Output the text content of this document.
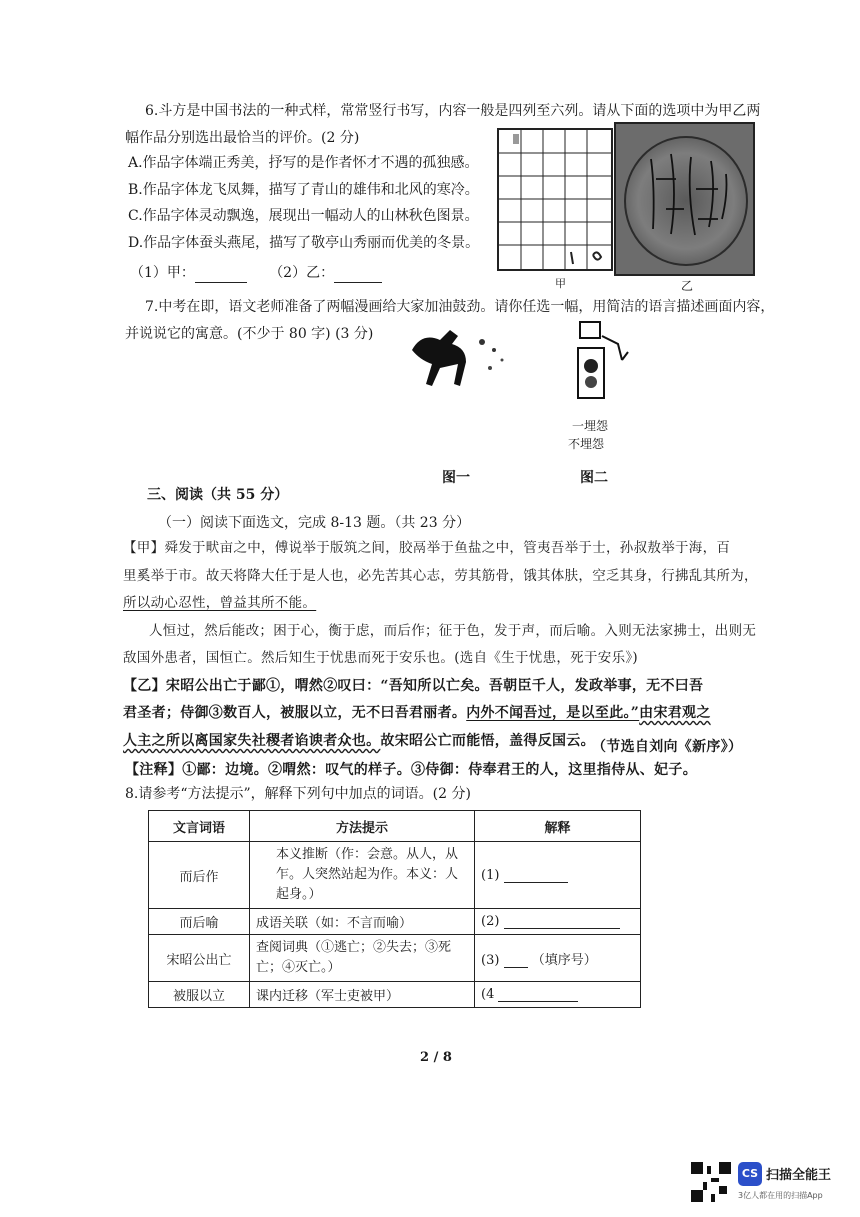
6.斗方是中国书法的一种式样，常常竖行书写，内容一般是四列至六列。请从下面的选项中为甲乙两
幅作品分别选出最恰当的评价。(2 分)
A.作品字体端正秀美，抒写的是作者怀才不遇的孤独感。
B.作品字体龙飞凤舞，描写了青山的雄伟和北风的寒冷。
C.作品字体灵动飘逸，展现出一幅动人的山林秋色图景。
D.作品字体蚕头燕尾，描写了敬亭山秀丽而优美的冬景。
（1）甲：	（2）乙：
甲	乙
7.中考在即，语文老师准备了两幅漫画给大家加油鼓劲。请你任选一幅，用简洁的语言描述画面内容，
并说说它的寓意。(不少于 80 字) (3 分)
一埋怨
不埋怨
图一	图二
三、阅读（共 55 分）
（一）阅读下面选文，完成 8-13 题。（共 23 分）
【甲】舜发于畎亩之中，傅说举于版筑之间，胶鬲举于鱼盐之中，管夷吾举于士，孙叔敖举于海，百
里奚举于市。故天将降大任于是人也，必先苦其心志，劳其筋骨，饿其体肤，空乏其身，行拂乱其所为，
所以动心忍性，曾益其所不能。
人恒过，然后能改；困于心，衡于虑，而后作；征于色，发于声，而后喻。入则无法家拂士，出则无
敌国外患者，国恒亡。然后知生于忧患而死于安乐也。(选自《生于忧患，死于安乐》)
【乙】宋昭公出亡于鄙①，喟然②叹曰：“吾知所以亡矣。吾朝臣千人，发政举事，无不曰吾
君圣者；侍御③数百人，被服以立，无不曰吾君丽者。内外不闻吾过，是以至此。”由宋君观之
人主之所以离国家失社稷者谄谀者众也。故宋昭公亡而能悟，盖得反国云。
（节选自刘向《新序》）
【注释】①鄙：边境。②喟然：叹气的样子。③侍御：侍奉君王的人，这里指侍从、妃子。
8.请参考“方法提示”，解释下列句中加点的词语。(2 分)
文言词语	方法提示	解释
而后作	本义推断（作：会意。从人，从乍。人突然站起为作。本义：人起身。）	(1)
而后喻	成语关联（如：不言而喻）	(2)
宋昭公出亡	查阅词典（①逃亡；②失去；③死亡；④灭亡。）	(3) （填序号）
被服以立	课内迁移（军士吏被甲）	(4
2 / 8
CS 扫描全能王
3亿人都在用的扫描App
